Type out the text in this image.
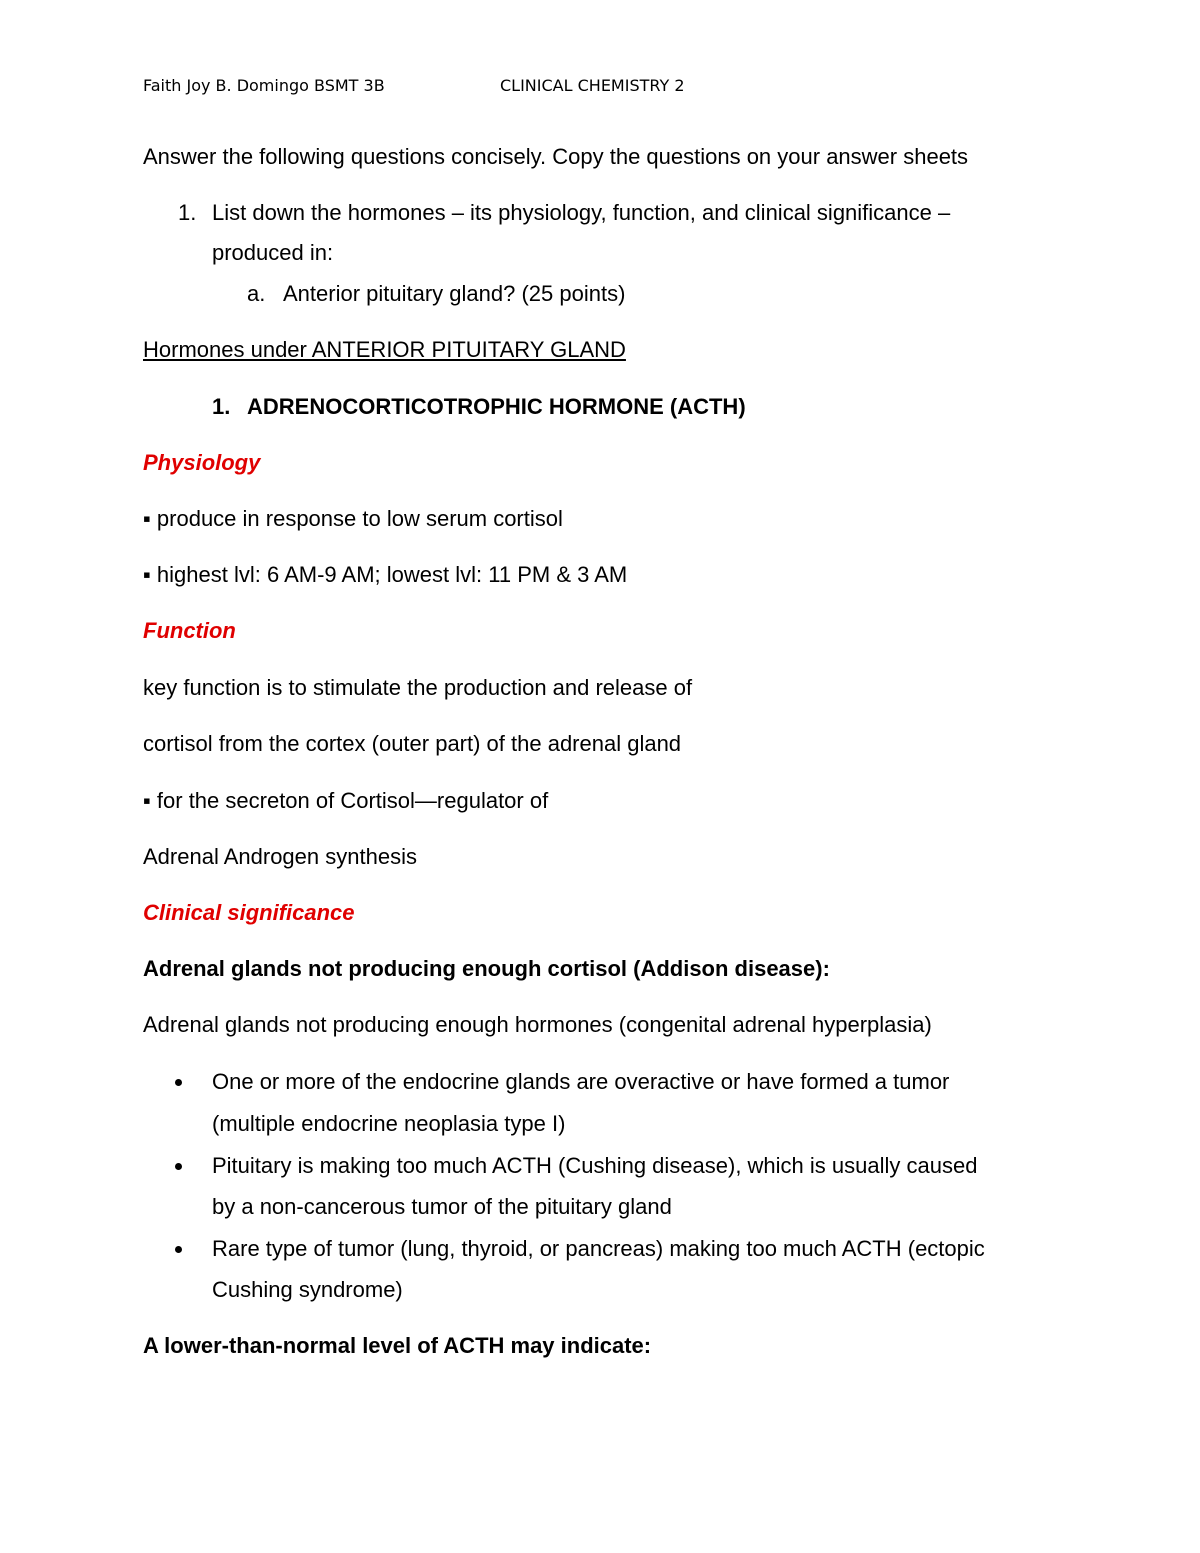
Faith Joy B. Domingo BSMT 3B	CLINICAL CHEMISTRY 2
Answer the following questions concisely. Copy the questions on your answer sheets
1. List down the hormones – its physiology, function, and clinical significance –
produced in:
a. Anterior pituitary gland? (25 points)
Hormones under ANTERIOR PITUITARY GLAND
1. ADRENOCORTICOTROPHIC HORMONE (ACTH)
Physiology
▪ produce in response to low serum cortisol
▪ highest lvl: 6 AM-9 AM; lowest lvl: 11 PM & 3 AM
Function
key function is to stimulate the production and release of
cortisol from the cortex (outer part) of the adrenal gland
▪ for the secreton of Cortisol—regulator of
Adrenal Androgen synthesis
Clinical significance
Adrenal glands not producing enough cortisol (Addison disease):
Adrenal glands not producing enough hormones (congenital adrenal hyperplasia)
One or more of the endocrine glands are overactive or have formed a tumor
(multiple endocrine neoplasia type I)
Pituitary is making too much ACTH (Cushing disease), which is usually caused
by a non-cancerous tumor of the pituitary gland
Rare type of tumor (lung, thyroid, or pancreas) making too much ACTH (ectopic
Cushing syndrome)
A lower-than-normal level of ACTH may indicate:
